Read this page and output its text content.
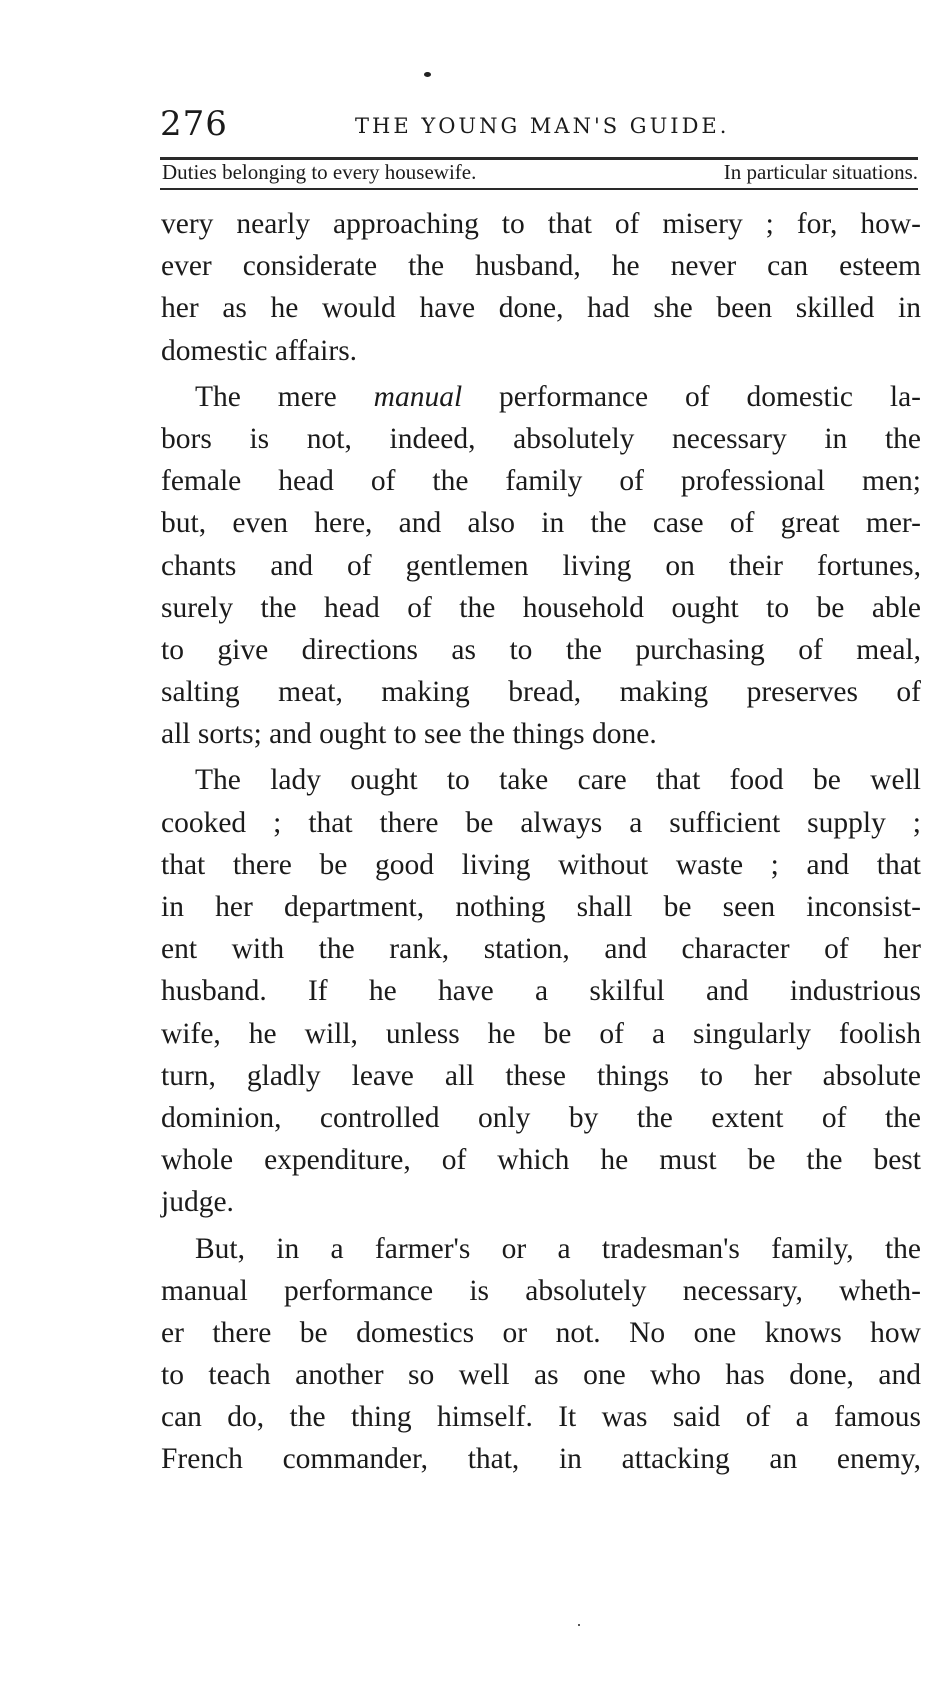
276	THE YOUNG MAN'S GUIDE.
Duties belonging to every housewife.	In particular situations.
very nearly approaching to that of misery ; for, how-
ever considerate the husband, he never can esteem
her as he would have done, had she been skilled in
domestic affairs.
The mere manual performance of domestic la-
bors is not, indeed, absolutely necessary in the
female head of the family of professional men;
but, even here, and also in the case of great mer-
chants and of gentlemen living on their fortunes,
surely the head of the household ought to be able
to give directions as to the purchasing of meal,
salting meat, making bread, making preserves of
all sorts; and ought to see the things done.
The lady ought to take care that food be well
cooked ; that there be always a sufficient supply ;
that there be good living without waste ; and that
in her department, nothing shall be seen inconsist-
ent with the rank, station, and character of her
husband. If he have a skilful and industrious
wife, he will, unless he be of a singularly foolish
turn, gladly leave all these things to her absolute
dominion, controlled only by the extent of the
whole expenditure, of which he must be the best
judge.
But, in a farmer's or a tradesman's family, the
manual performance is absolutely necessary, wheth-
er there be domestics or not. No one knows how
to teach another so well as one who has done, and
can do, the thing himself. It was said of a famous
French commander, that, in attacking an enemy,
